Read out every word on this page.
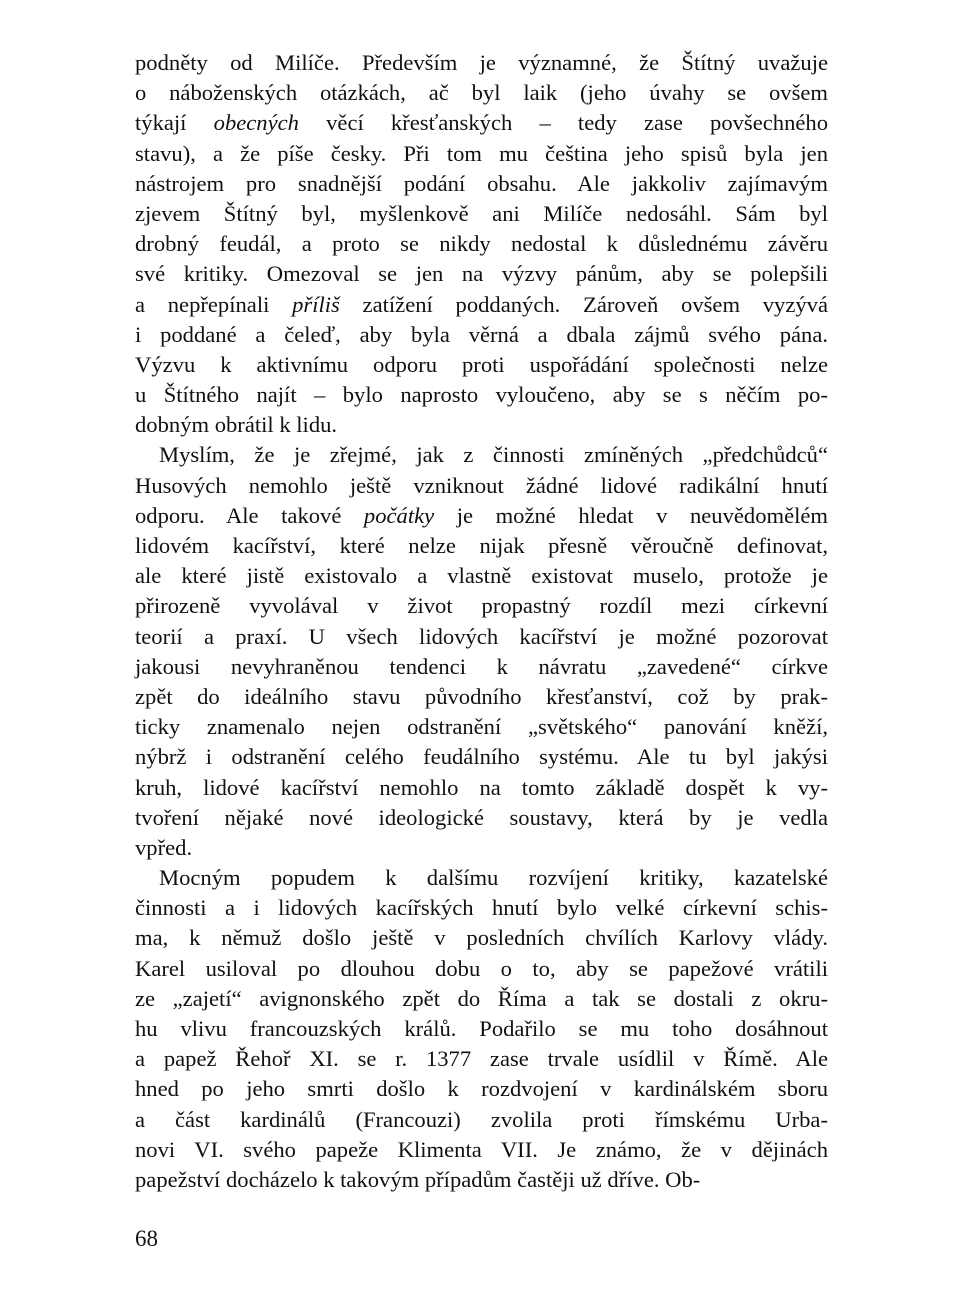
podněty od Milíče. Především je významné, že Štítný uvažuje
o náboženských otázkách, ač byl laik (jeho úvahy se ovšem
týkají obecných věcí křesťanských – tedy zase povšechného
stavu), a že píše česky. Při tom mu čeština jeho spisů byla jen
nástrojem pro snadnější podání obsahu. Ale jakkoliv zajímavým
zjevem Štítný byl, myšlenkově ani Milíče nedosáhl. Sám byl
drobný feudál, a proto se nikdy nedostal k důslednému závěru
své kritiky. Omezoval se jen na výzvy pánům, aby se polepšili
a nepřepínali příliš zatížení poddaných. Zároveň ovšem vyzývá
i poddané a čeleď, aby byla věrná a dbala zájmů svého pána.
Výzvu k aktivnímu odporu proti uspořádání společnosti nelze
u Štítného najít – bylo naprosto vyloučeno, aby se s něčím po-
dobným obrátil k lidu.
Myslím, že je zřejmé, jak z činnosti zmíněných „předchůdců“
Husových nemohlo ještě vzniknout žádné lidové radikální hnutí
odporu. Ale takové počátky je možné hledat v neuvědomělém
lidovém kacířství, které nelze nijak přesně věroučně definovat,
ale které jistě existovalo a vlastně existovat muselo, protože je
přirozeně vyvolával v život propastný rozdíl mezi církevní
teorií a praxí. U všech lidových kacířství je možné pozorovat
jakousi nevyhraněnou tendenci k návratu „zavedené“ církve
zpět do ideálního stavu původního křesťanství, což by prak-
ticky znamenalo nejen odstranění „světského“ panování kněží,
nýbrž i odstranění celého feudálního systému. Ale tu byl jakýsi
kruh, lidové kacířství nemohlo na tomto základě dospět k vy-
tvoření nějaké nové ideologické soustavy, která by je vedla
vpřed.
Mocným popudem k dalšímu rozvíjení kritiky, kazatelské
činnosti a i lidových kacířských hnutí bylo velké církevní schis-
ma, k němuž došlo ještě v posledních chvílích Karlovy vlády.
Karel usiloval po dlouhou dobu o to, aby se papežové vrátili
ze „zajetí“ avignonského zpět do Říma a tak se dostali z okru-
hu vlivu francouzských králů. Podařilo se mu toho dosáhnout
a papež Řehoř XI. se r. 1377 zase trvale usídlil v Římě. Ale
hned po jeho smrti došlo k rozdvojení v kardinálském sboru
a část kardinálů (Francouzi) zvolila proti římskému Urba-
novi VI. svého papeže Klimenta VII. Je známo, že v dějinách
papežství docházelo k takovým případům častěji už dříve. Ob-
68
